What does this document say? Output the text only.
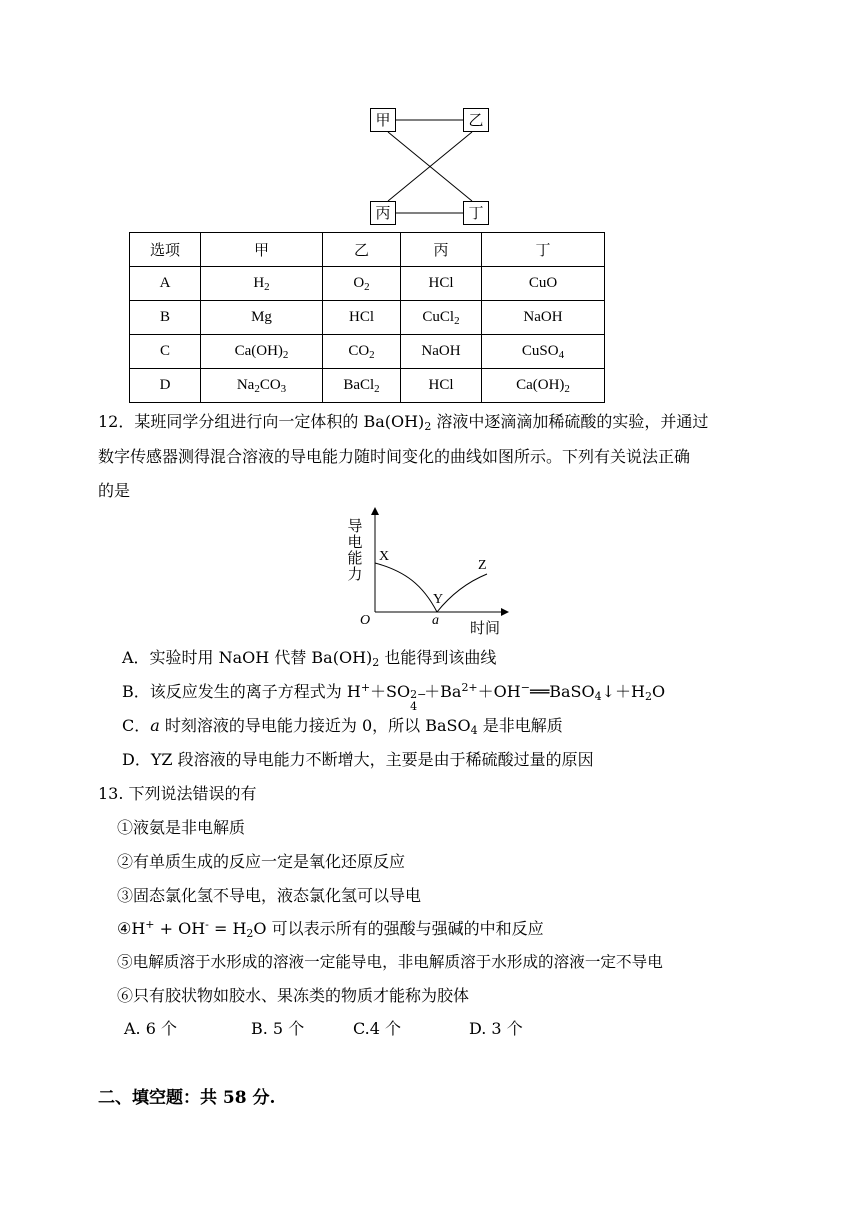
甲	乙
丙	丁
选项	甲	乙	丙	丁
A	$H_2$	$O_2$	HCl	CuO
B	Mg	HCl	CuCl$_2$	NaOH
C	$Ca(OH)_2$	$CO_2$	NaOH	CuSO$_4$
D	$Na_2CO_3$	BaCl$_2$	HCl	$Ca(OH)_2$
12．某班同学分组进行向一定体积的 $Ba(OH)_2$ 溶液中逐滴滴加稀硫酸的实验，并通过
数字传感器测得混合溶液的导电能力随时间变化的曲线如图所示。下列有关说法正确
的是
导电能力
X
Y
Z
O	a 时间
A．实验时用 NaOH 代替 $Ba(OH)_2$ 也能得到该曲线
B．该反应发生的离子方程式为 H+＋SO 2−
4
$+Ba^{2+}+OH^-══BaSO_4↓+H_2O$
C．a 时刻溶液的导电能力接近为 0，所以 BaSO$_4$ 是非电解质
D．YZ 段溶液的导电能力不断增大，主要是由于稀硫酸过量的原因
13. 下列说法错误的有
①液氨是非电解质
②有单质生成的反应一定是氧化还原反应
③固态氯化氢不导电，液态氯化氢可以导电
④H+ + $OH^- = H_2O$ 可以表示所有的强酸与强碱的中和反应
⑤电解质溶于水形成的溶液一定能导电，非电解质溶于水形成的溶液一定不导电
⑥只有胶状物如胶水、果冻类的物质才能称为胶体
A. 6 个	B. 5 个	C.4 个	D. 3 个
二、填空题：共 58 分.
